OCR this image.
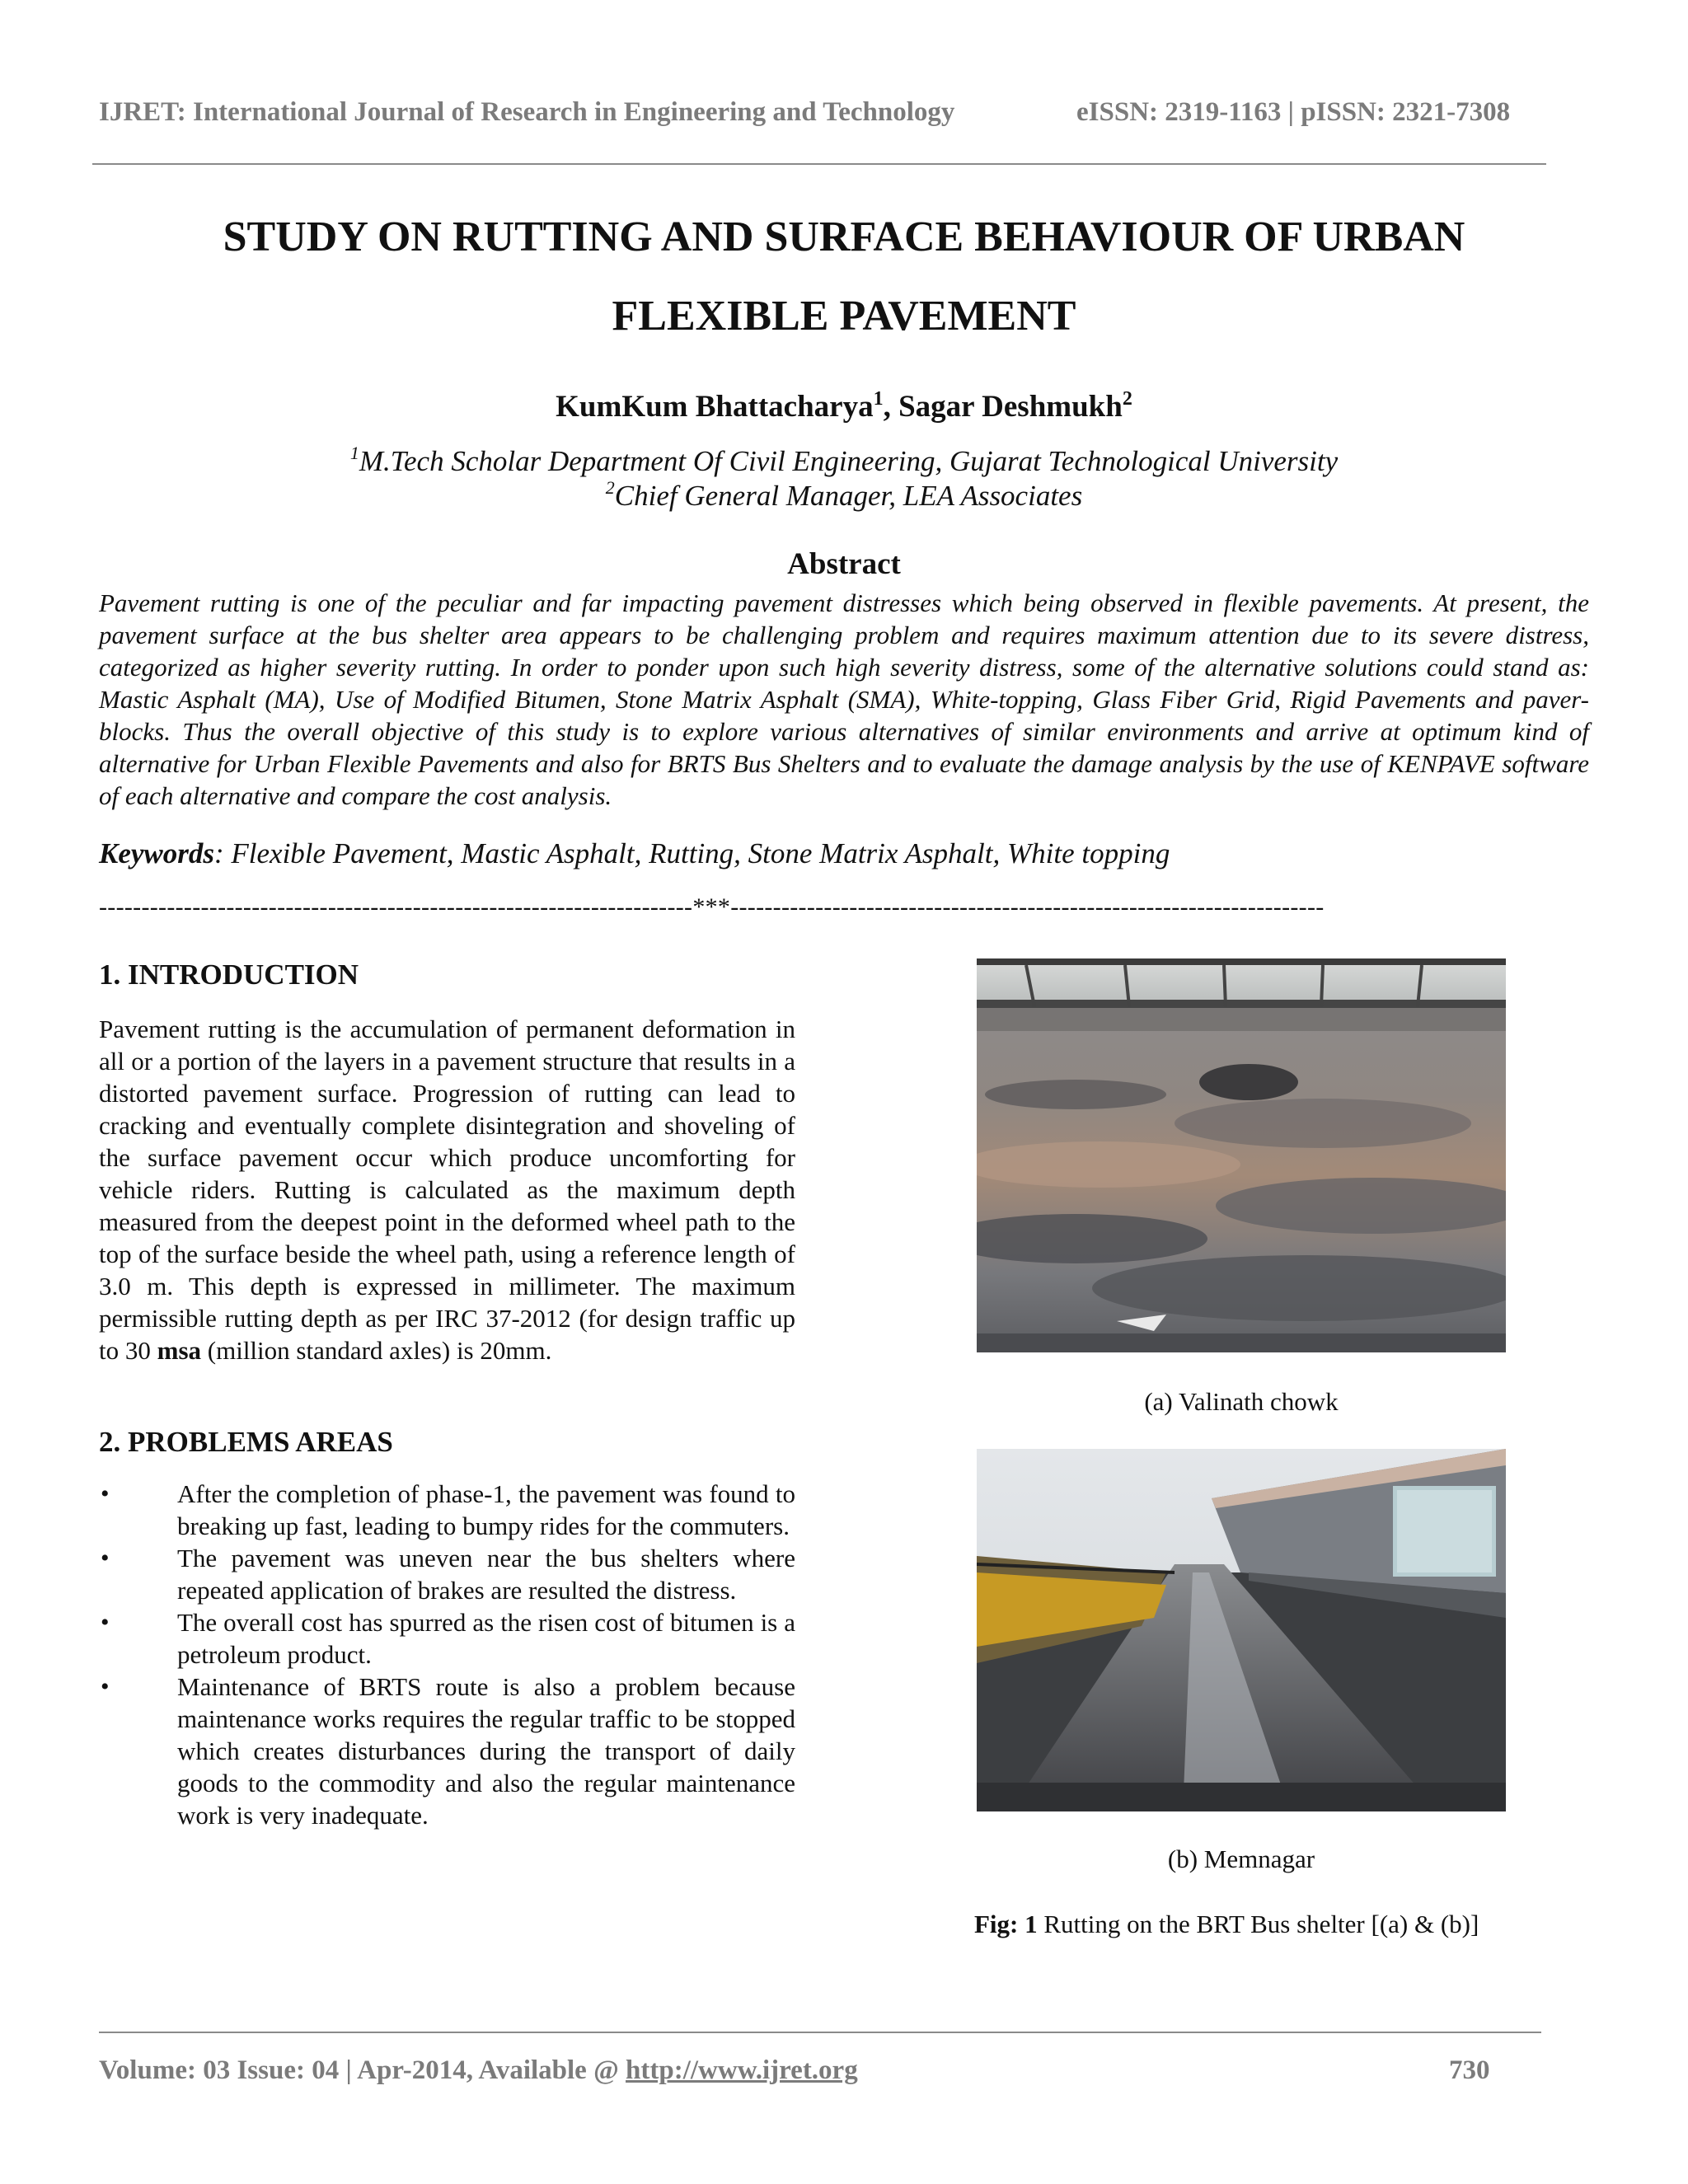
IJRET: International Journal of Research in Engineering and Technology	eISSN: 2319-1163 | pISSN: 2321-7308
STUDY ON RUTTING AND SURFACE BEHAVIOUR OF URBAN
FLEXIBLE PAVEMENT
KumKum Bhattacharya$^1$, Sagar Deshmukh$^2$
$^1$M.Tech Scholar Department Of Civil Engineering, Gujarat Technological University
$^2$Chief General Manager, LEA Associates
Abstract
Pavement rutting is one of the peculiar and far impacting pavement distresses which being observed in flexible pavements. At present, the pavement surface at the bus shelter area appears to be challenging problem and requires maximum attention due to its severe distress, categorized as higher severity rutting. In order to ponder upon such high severity distress, some of the alternative solutions could stand as: Mastic Asphalt (MA), Use of Modified Bitumen, Stone Matrix Asphalt (SMA), White-topping, Glass Fiber Grid, Rigid Pavements and paver-blocks. Thus the overall objective of this study is to explore various alternatives of similar environments and arrive at optimum kind of alternative for Urban Flexible Pavements and also for BRTS Bus Shelters and to evaluate the damage analysis by the use of KENPAVE software of each alternative and compare the cost analysis.
Keywords: Flexible Pavement, Mastic Asphalt, Rutting, Stone Matrix Asphalt, White topping
----------------------------------------------------------------------***----------------------------------------------------------------------
1. INTRODUCTION
Pavement rutting is the accumulation of permanent deformation in all or a portion of the layers in a pavement structure that results in a distorted pavement surface. Progression of rutting can lead to cracking and eventually complete disintegration and shoveling of the surface pavement occur which produce uncomforting for vehicle riders. Rutting is calculated as the maximum depth measured from the deepest point in the deformed wheel path to the top of the surface beside the wheel path, using a reference length of 3.0 m. This depth is expressed in millimeter. The maximum permissible rutting depth as per IRC 37-2012 (for design traffic up to 30 msa (million standard axles) is 20mm.
2. PROBLEMS AREAS
•	After the completion of phase-1, the pavement was found to breaking up fast, leading to bumpy rides for the commuters.
•	The pavement was uneven near the bus shelters where repeated application of brakes are resulted the distress.
•	The overall cost has spurred as the risen cost of bitumen is a petroleum product.
•	Maintenance of BRTS route is also a problem because maintenance works requires the regular traffic to be stopped which creates disturbances during the transport of daily goods to the commodity and also the regular maintenance work is very inadequate.
(a) Valinath chowk
(b) Memnagar
Fig: 1 Rutting on the BRT Bus shelter [(a) & (b)]
Volume: 03 Issue: 04 | Apr-2014, Available @ http://www.ijret.org	730
